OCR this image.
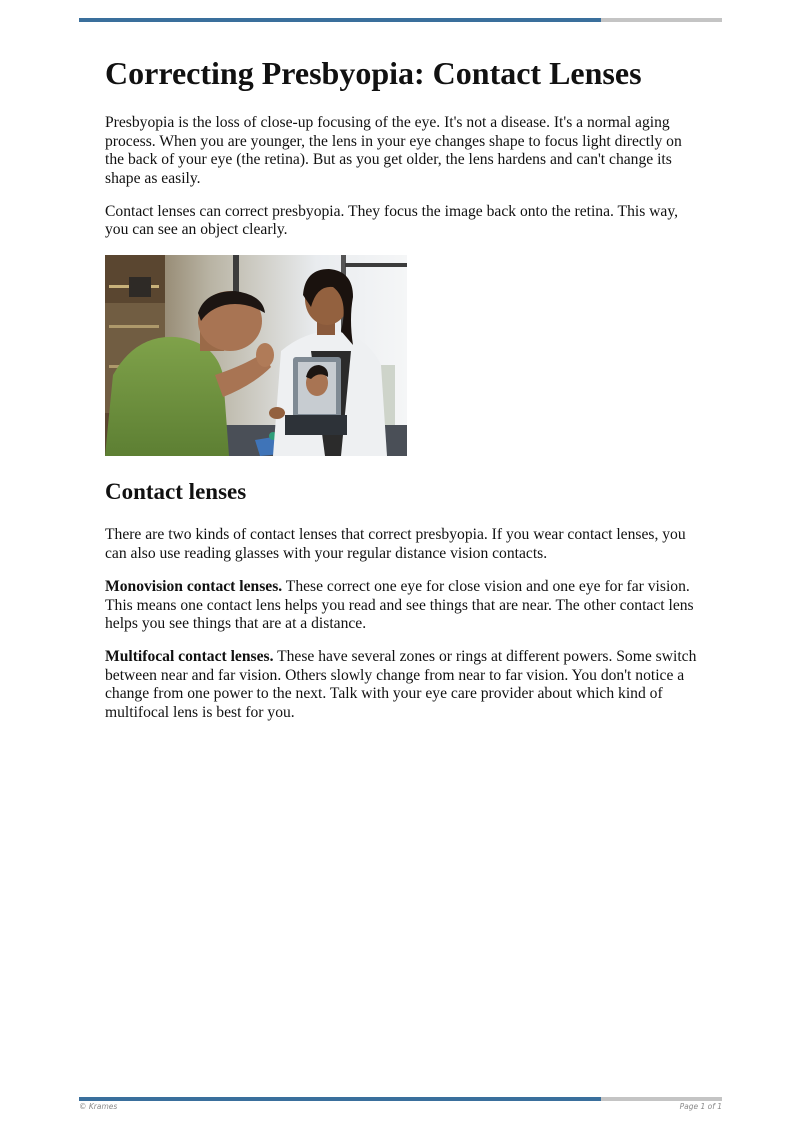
Correcting Presbyopia: Contact Lenses

Presbyopia is the loss of close-up focusing of the eye. It's not a disease. It's a normal aging process. When you are younger, the lens in your eye changes shape to focus light directly on the back of your eye (the retina). But as you get older, the lens hardens and can't change its shape as easily.

Contact lenses can correct presbyopia. They focus the image back onto the retina. This way, you can see an object clearly.

Contact lenses

There are two kinds of contact lenses that correct presbyopia. If you wear contact lenses, you can also use reading glasses with your regular distance vision contacts.

Monovision contact lenses. These correct one eye for close vision and one eye for far vision. This means one contact lens helps you read and see things that are near. The other contact lens helps you see things that are at a distance.

Multifocal contact lenses. These have several zones or rings at different powers. Some switch between near and far vision. Others slowly change from near to far vision. You don't notice a change from one power to the next. Talk with your eye care provider about which kind of multifocal lens is best for you.

© Krames	Page 1 of 1
